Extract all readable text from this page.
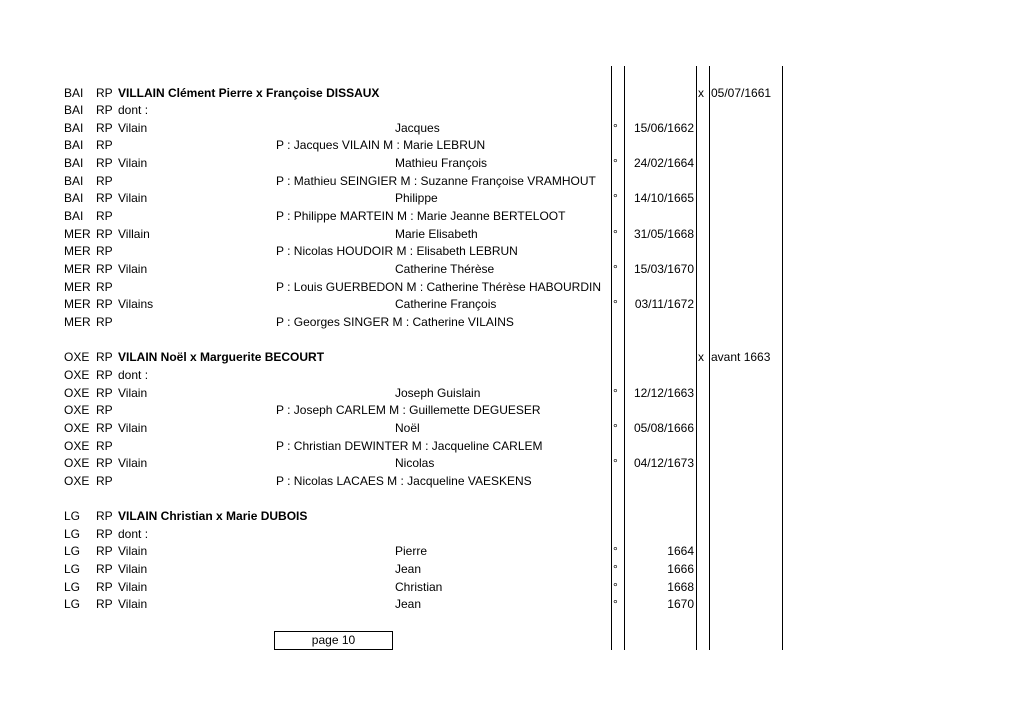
BAI	RP VILLAIN Clément Pierre x Françoise DISSAUX	x 05/07/1661
BAI	RP dont :
BAI	RP Vilain	Jacques	°	15/06/1662
BAI	RP	P : Jacques VILAIN M : Marie LEBRUN
BAI	RP Vilain	Mathieu François	°	24/02/1664
BAI	RP	P : Mathieu SEINGIER M : Suzanne Françoise VRAMHOUT
BAI	RP Vilain	Philippe	°	14/10/1665
BAI	RP	P : Philippe MARTEIN M : Marie Jeanne BERTELOOT
MER RP Villain	Marie Elisabeth	°	31/05/1668
MER RP	P : Nicolas HOUDOIR M : Elisabeth LEBRUN
MER RP Vilain	Catherine Thérèse	°	15/03/1670
MER RP	P : Louis GUERBEDON M : Catherine Thérèse HABOURDIN
MER RP Vilains	Catherine François	°	03/11/1672
MER RP	P : Georges SINGER M : Catherine VILAINS
OXE RP VILAIN Noël x Marguerite BECOURT	x avant 1663
OXE RP dont :
OXE RP Vilain	Joseph Guislain	°	12/12/1663
OXE RP	P : Joseph CARLEM M : Guillemette DEGUESER
OXE RP Vilain	Noël	°	05/08/1666
OXE RP	P : Christian DEWINTER M : Jacqueline CARLEM
OXE RP Vilain	Nicolas	°	04/12/1673
OXE RP	P : Nicolas LACAES M : Jacqueline VAESKENS
LG	RP VILAIN Christian x Marie DUBOIS
LG	RP dont :
LG	RP Vilain	Pierre	°	1664
LG	RP Vilain	Jean	°	1666
LG	RP Vilain	Christian	°	1668
LG	RP Vilain	Jean	°	1670
page 10
